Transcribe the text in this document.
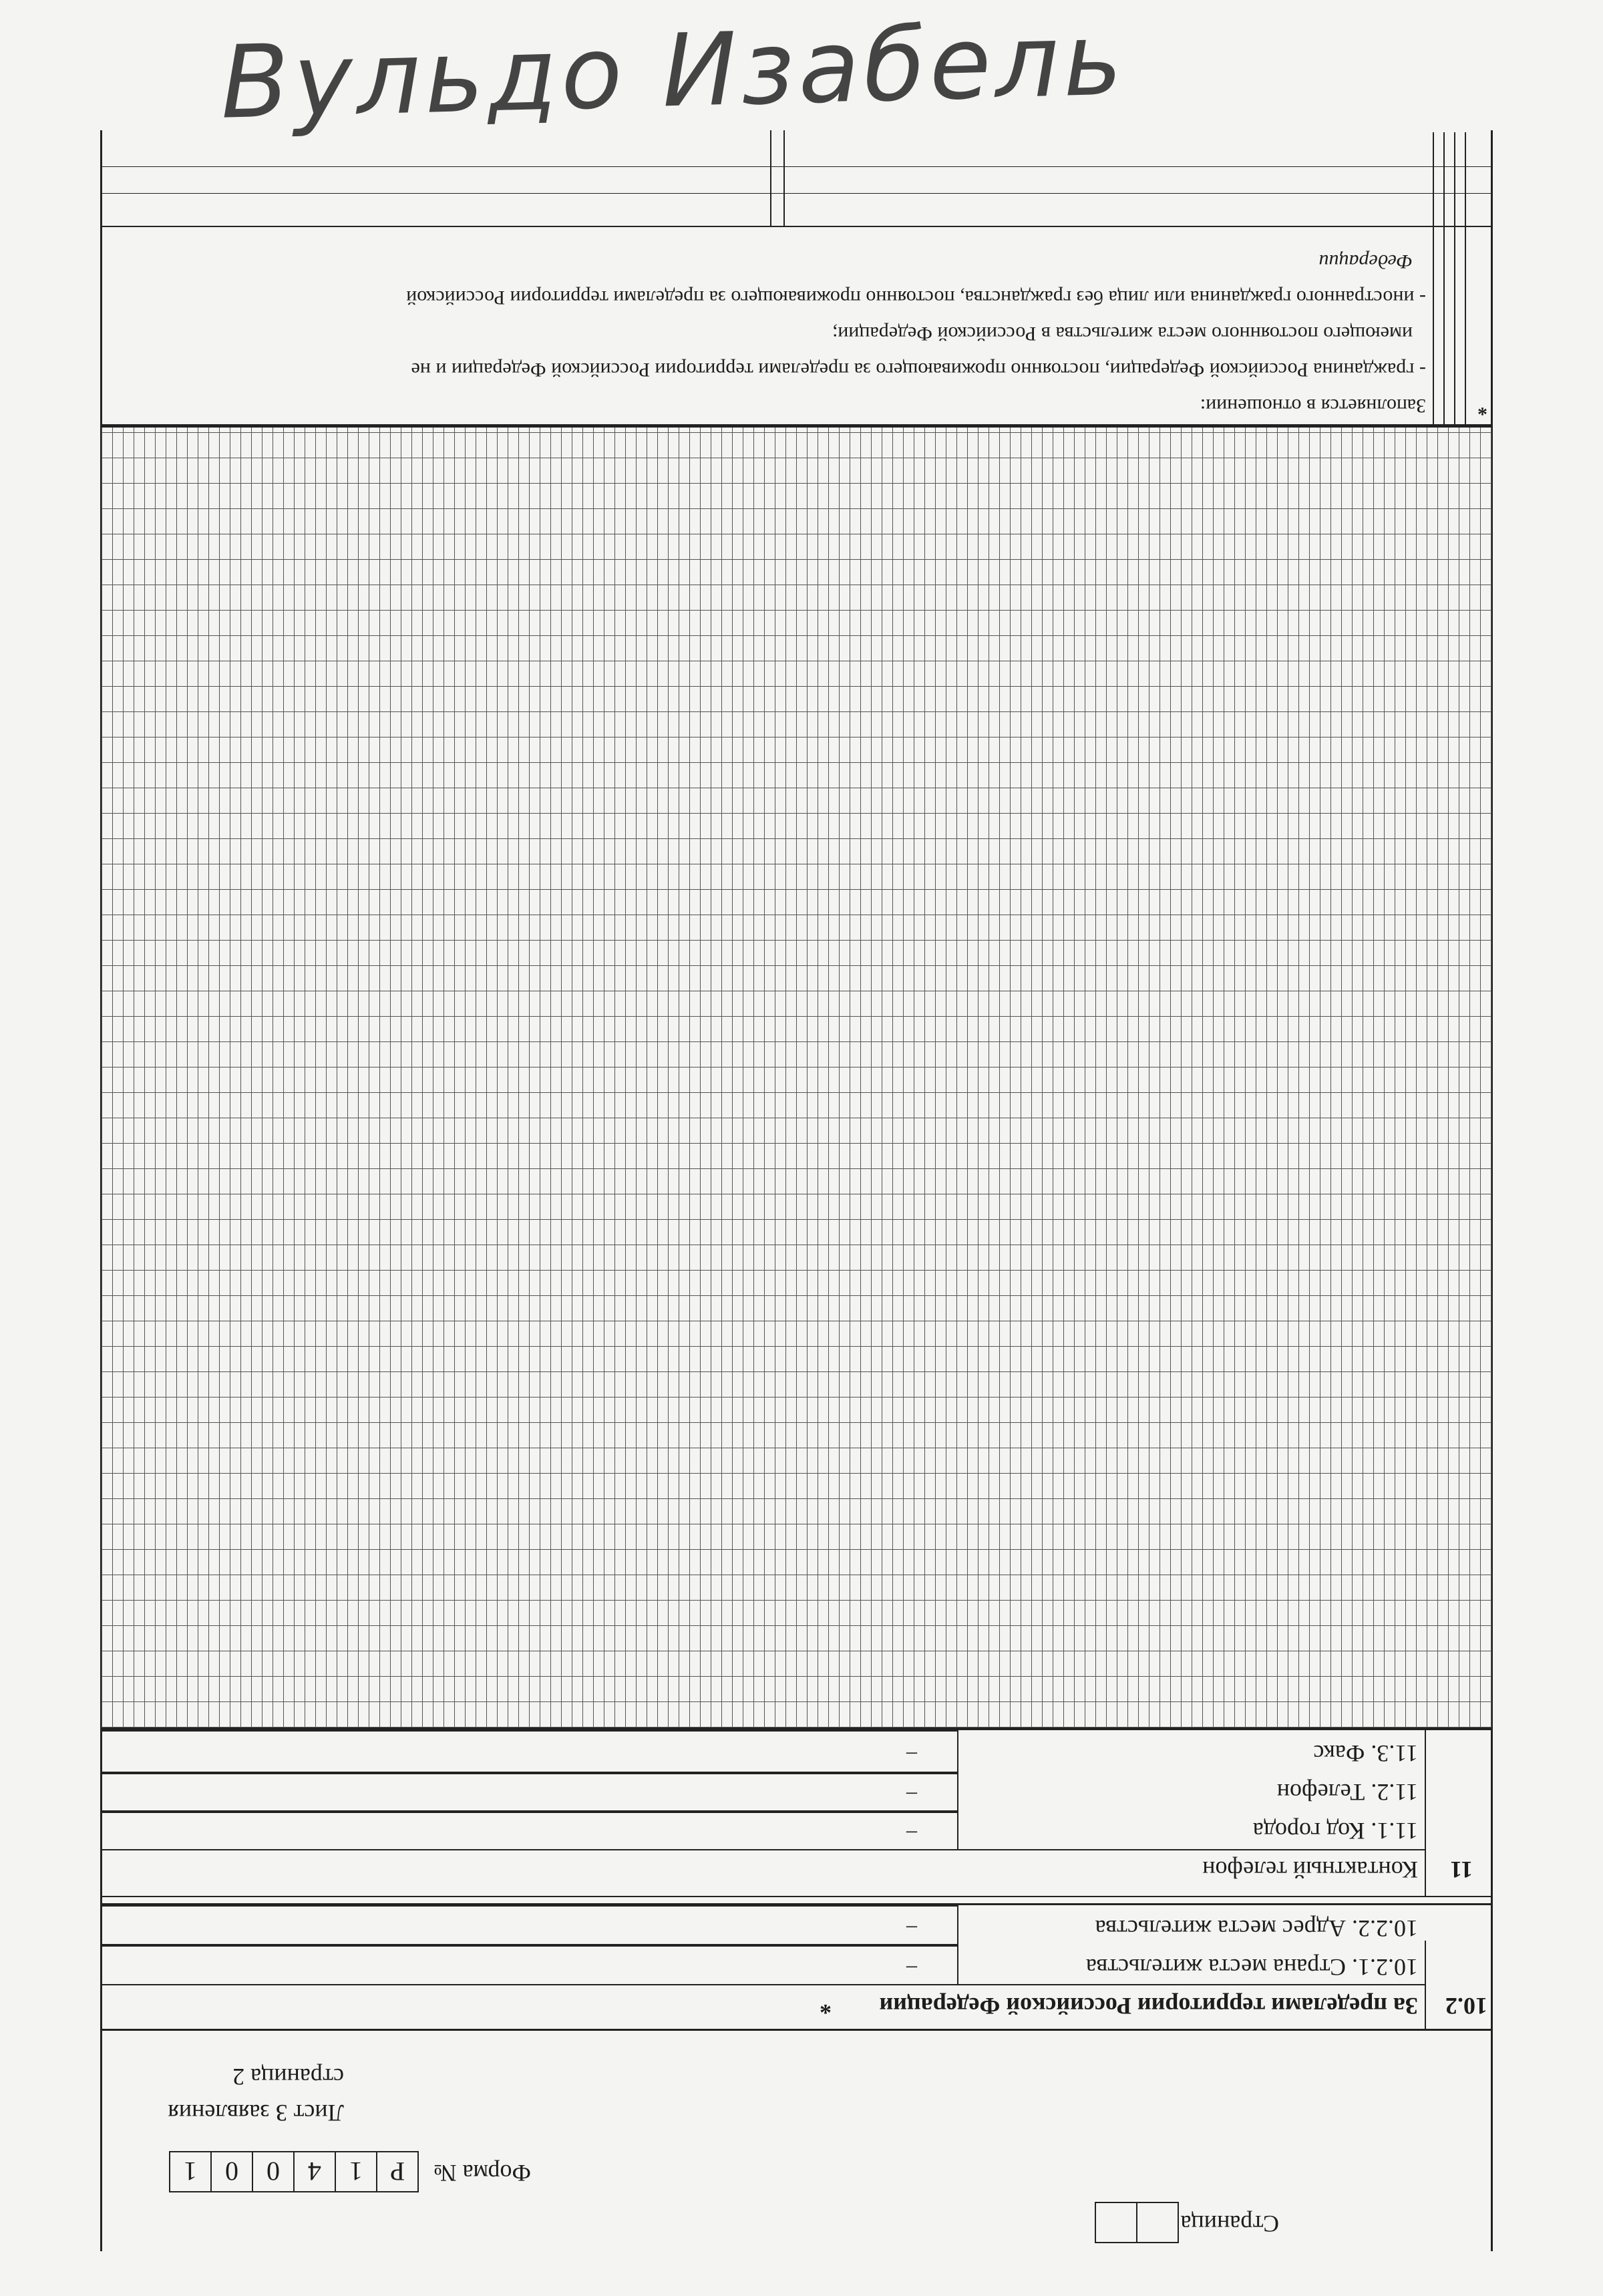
Вульдо Изабель
Страница
Форма №
Р
1
4
0
0
1
Лист З заявления
страница 2
10.2
За пределами территории Российской Федерации
*
10.2.1. Страна места жительства
–
10.2.2. Адрес места жительства
–
11
Контактный телефон
11.1. Код города
–
11.2. Телефон
–
11.3. Факс
–
*
Заполняется в отношении:
- гражданина Российской Федерации, постоянно проживающего за пределами территории Российской Федерации и не
имеющего постоянного места жительства в Российской Федерации;
- иностранного гражданина или лица без гражданства, постоянно проживающего за пределами территории Российской
Федерации
